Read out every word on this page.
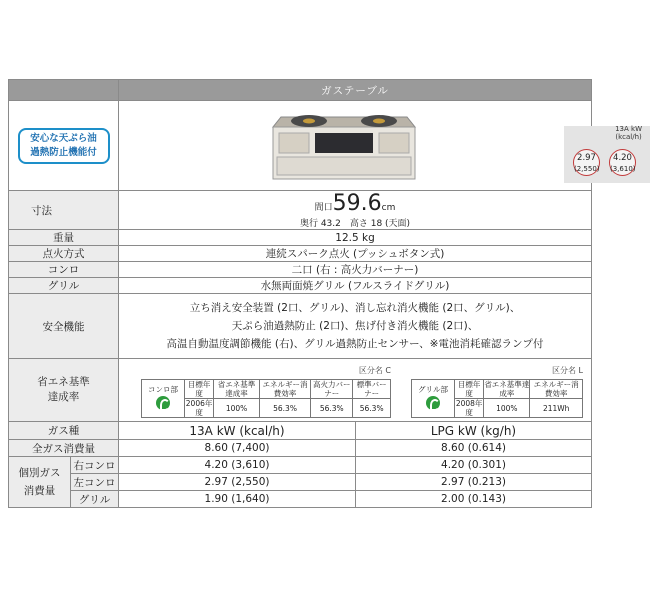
	ガステーブル

安心な天ぷら油
過熱防止機能付

13A kW
(kcal/h)
2.97
(2,550)
4.20
(3,610)

寸法	間口59.6cm
奥行 43.2　高さ 18 (天面)

重量	12.5 kg
点火方式	連続スパーク点火 (プッシュボタン式)
コンロ	二口 (右 : 高火力バーナー)
グリル	水無両面焼グリル (フルスライドグリル)
安全機能	
立ち消え安全装置 (2口、グリル)、消し忘れ消火機能 (2口、グリル)、
天ぷら油過熱防止 (2口)、焦げ付き消火機能 (2口)、
高温自動温度調節機能 (右)、グリル過熱防止センサー、※電池消耗確認ランプ付

省エネ基準
達成率

区分名 C
コンロ部
	目標年度	省エネ基準達成率	エネルギー消費効率	高火力バーナー	標準バーナー
2006年度	100%	56.3%	56.3%	56.3%
区分名 L
グリル部
	目標年度	省エネ基準達成率	エネルギー消費効率
2008年度	100%	211Wh

ガス種	13A kW (kcal/h)	LPG kW (kg/h)
全ガス消費量	8.60 (7,400)	8.60 (0.614)

個別ガス
消費量
	右コンロ	4.20 (3,610)	4.20 (0.301)
左コンロ	2.97 (2,550)	2.97 (0.213)
グリル	1.90 (1,640)	2.00 (0.143)
